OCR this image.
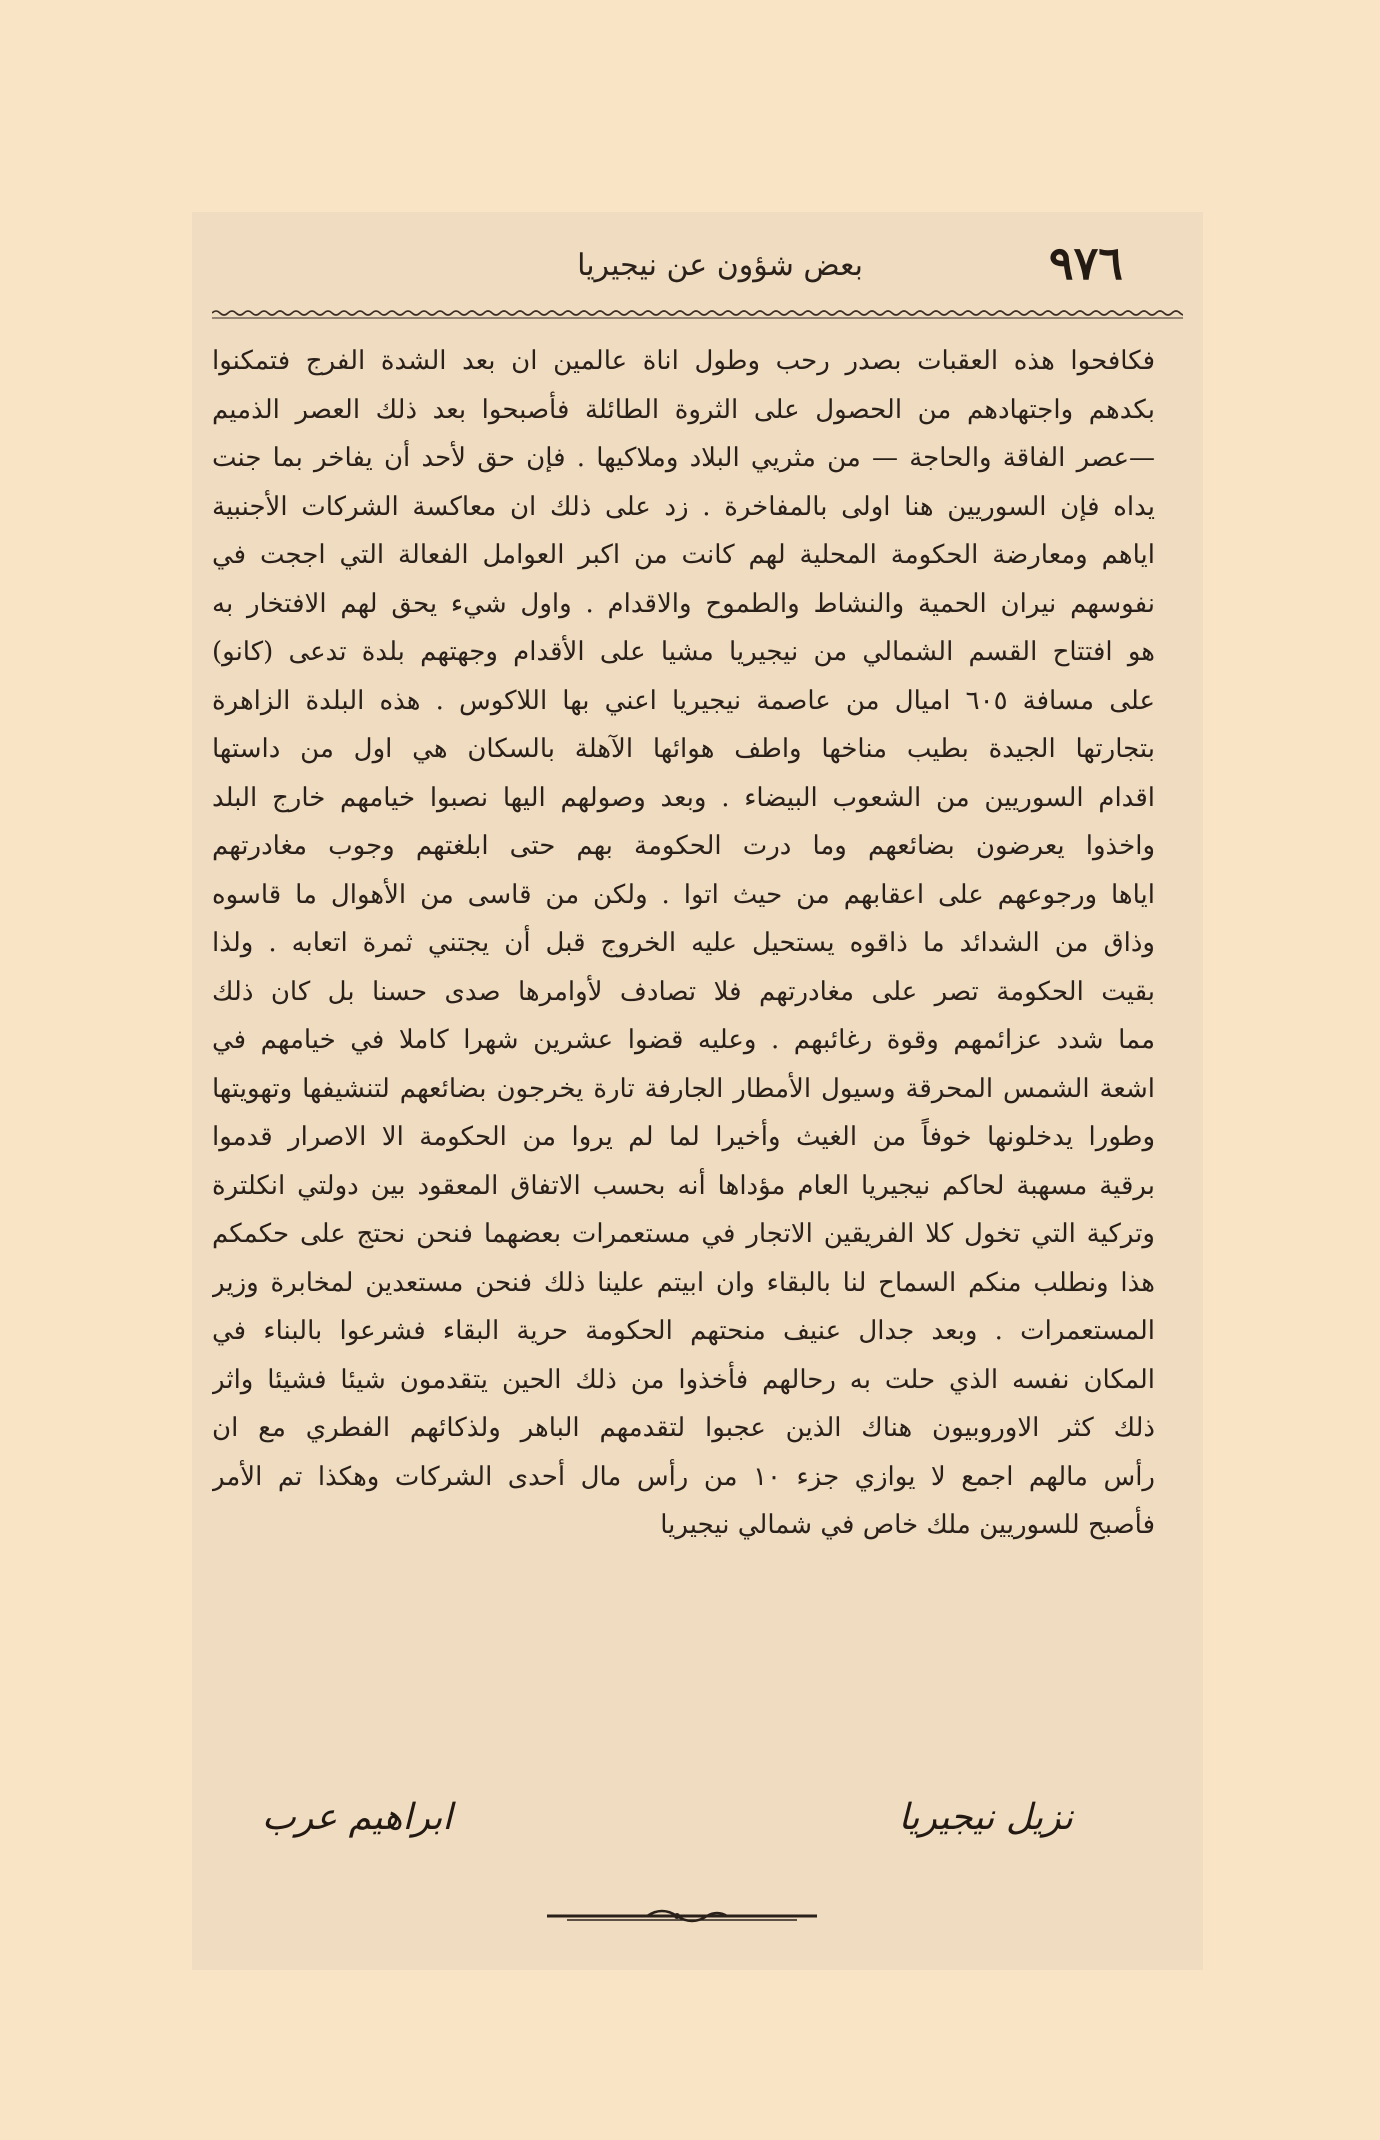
٩٧٦
بعض شؤون عن نيجيريا
فكافحوا هذه العقبات بصدر رحب وطول اناة عالمين ان بعد الشدة الفرج فتمكنوا
بكدهم واجتهادهم من الحصول على الثروة الطائلة فأصبحوا بعد ذلك العصر الذميم
—عصر الفاقة والحاجة — من مثريي البلاد وملاكيها . فإن حق لأحد أن يفاخر بما جنت
يداه فإن السوريين هنا اولى بالمفاخرة . زد على ذلك ان معاكسة الشركات الأجنبية
اياهم ومعارضة الحكومة المحلية لهم كانت من اكبر العوامل الفعالة التي اججت في
نفوسهم نيران الحمية والنشاط والطموح والاقدام . واول شيء يحق لهم الافتخار به
هو افتتاح القسم الشمالي من نيجيريا مشيا على الأقدام وجهتهم بلدة تدعى (كانو)
على مسافة ٦٠٥ اميال من عاصمة نيجيريا اعني بها اللاكوس . هذه البلدة الزاهرة
بتجارتها الجيدة بطيب مناخها واطف هوائها الآهلة بالسكان هي اول من داستها
اقدام السوريين من الشعوب البيضاء . وبعد وصولهم اليها نصبوا خيامهم خارج البلد
واخذوا يعرضون بضائعهم وما درت الحكومة بهم حتى ابلغتهم وجوب مغادرتهم
اياها ورجوعهم على اعقابهم من حيث اتوا . ولكن من قاسى من الأهوال ما قاسوه
وذاق من الشدائد ما ذاقوه يستحيل عليه الخروج قبل أن يجتني ثمرة اتعابه . ولذا
بقيت الحكومة تصر على مغادرتهم فلا تصادف لأوامرها صدى حسنا بل كان ذلك
مما شدد عزائمهم وقوة رغائبهم . وعليه قضوا عشرين شهرا كاملا في خيامهم في
اشعة الشمس المحرقة وسيول الأمطار الجارفة تارة يخرجون بضائعهم لتنشيفها وتهويتها
وطورا يدخلونها خوفاً من الغيث وأخيرا لما لم يروا من الحكومة الا الاصرار قدموا
برقية مسهبة لحاكم نيجيريا العام مؤداها أنه بحسب الاتفاق المعقود بين دولتي انكلترة
وتركية التي تخول كلا الفريقين الاتجار في مستعمرات بعضهما فنحن نحتج على حكمكم
هذا ونطلب منكم السماح لنا بالبقاء وان ابيتم علينا ذلك فنحن مستعدين لمخابرة وزير
المستعمرات . وبعد جدال عنيف منحتهم الحكومة حرية البقاء فشرعوا بالبناء في
المكان نفسه الذي حلت به رحالهم فأخذوا من ذلك الحين يتقدمون شيئا فشيئا واثر
ذلك كثر الاوروبيون هناك الذين عجبوا لتقدمهم الباهر ولذكائهم الفطري مع ان
رأس مالهم اجمع لا يوازي جزء ١٠ من رأس مال أحدى الشركات وهكذا تم الأمر
فأصبح للسوريين ملك خاص في شمالي نيجيريا
نزيل نيجيريا
ابراهيم عرب
